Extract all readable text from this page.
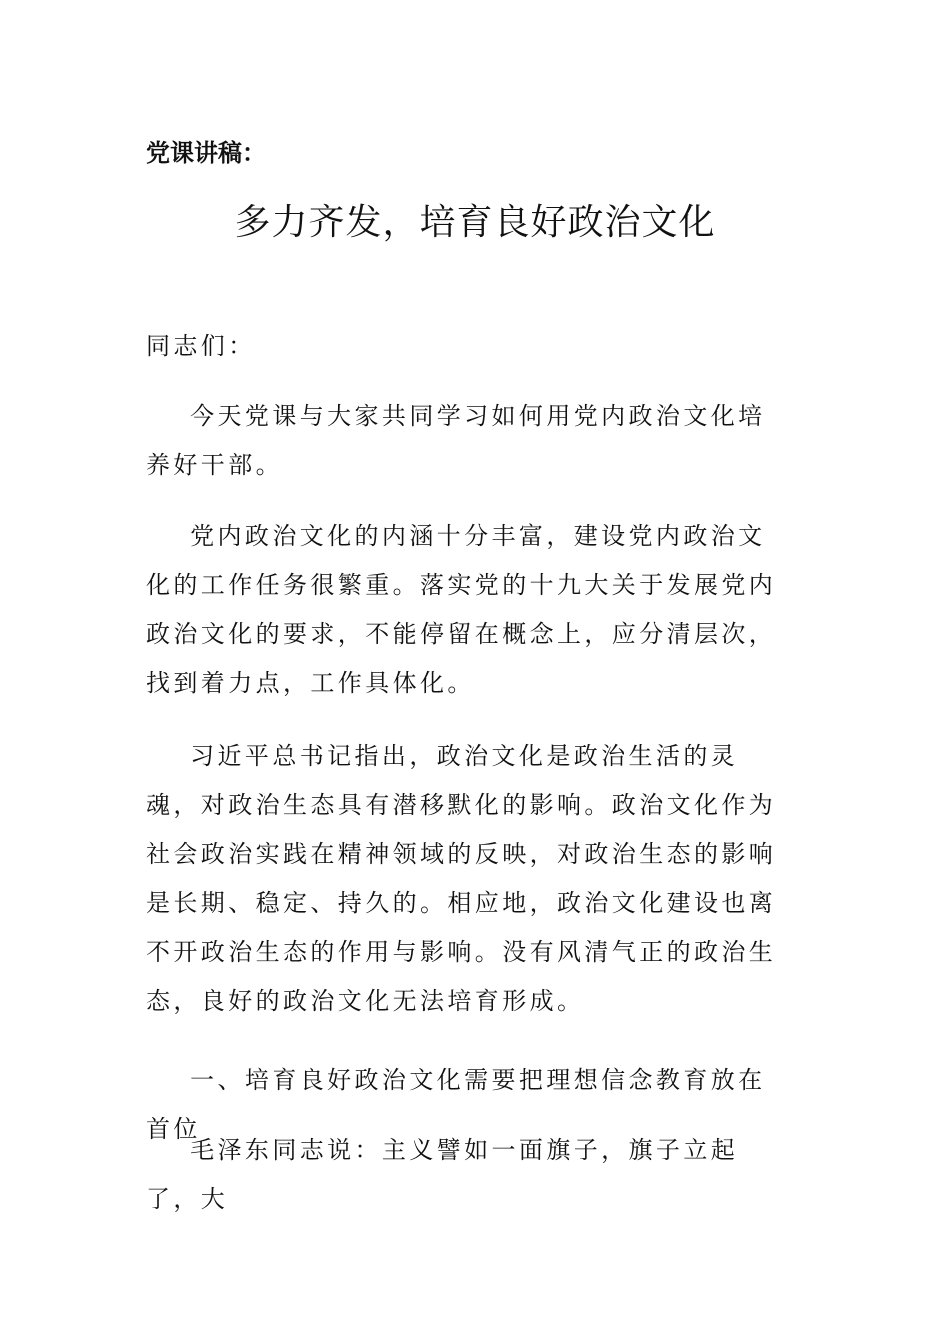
党课讲稿：
多力齐发，培育良好政治文化
同志们：
今天党课与大家共同学习如何用党内政治文化培养好干部。
党内政治文化的内涵十分丰富，建设党内政治文化的工作任务很繁重。落实党的十九大关于发展党内政治文化的要求，不能停留在概念上，应分清层次，找到着力点，工作具体化。
习近平总书记指出，政治文化是政治生活的灵魂，对政治生态具有潜移默化的影响。政治文化作为社会政治实践在精神领域的反映，对政治生态的影响是长期、稳定、持久的。相应地，政治文化建设也离不开政治生态的作用与影响。没有风清气正的政治生态，良好的政治文化无法培育形成。
一、培育良好政治文化需要把理想信念教育放在首位
毛泽东同志说：主义譬如一面旗子，旗子立起了，大
